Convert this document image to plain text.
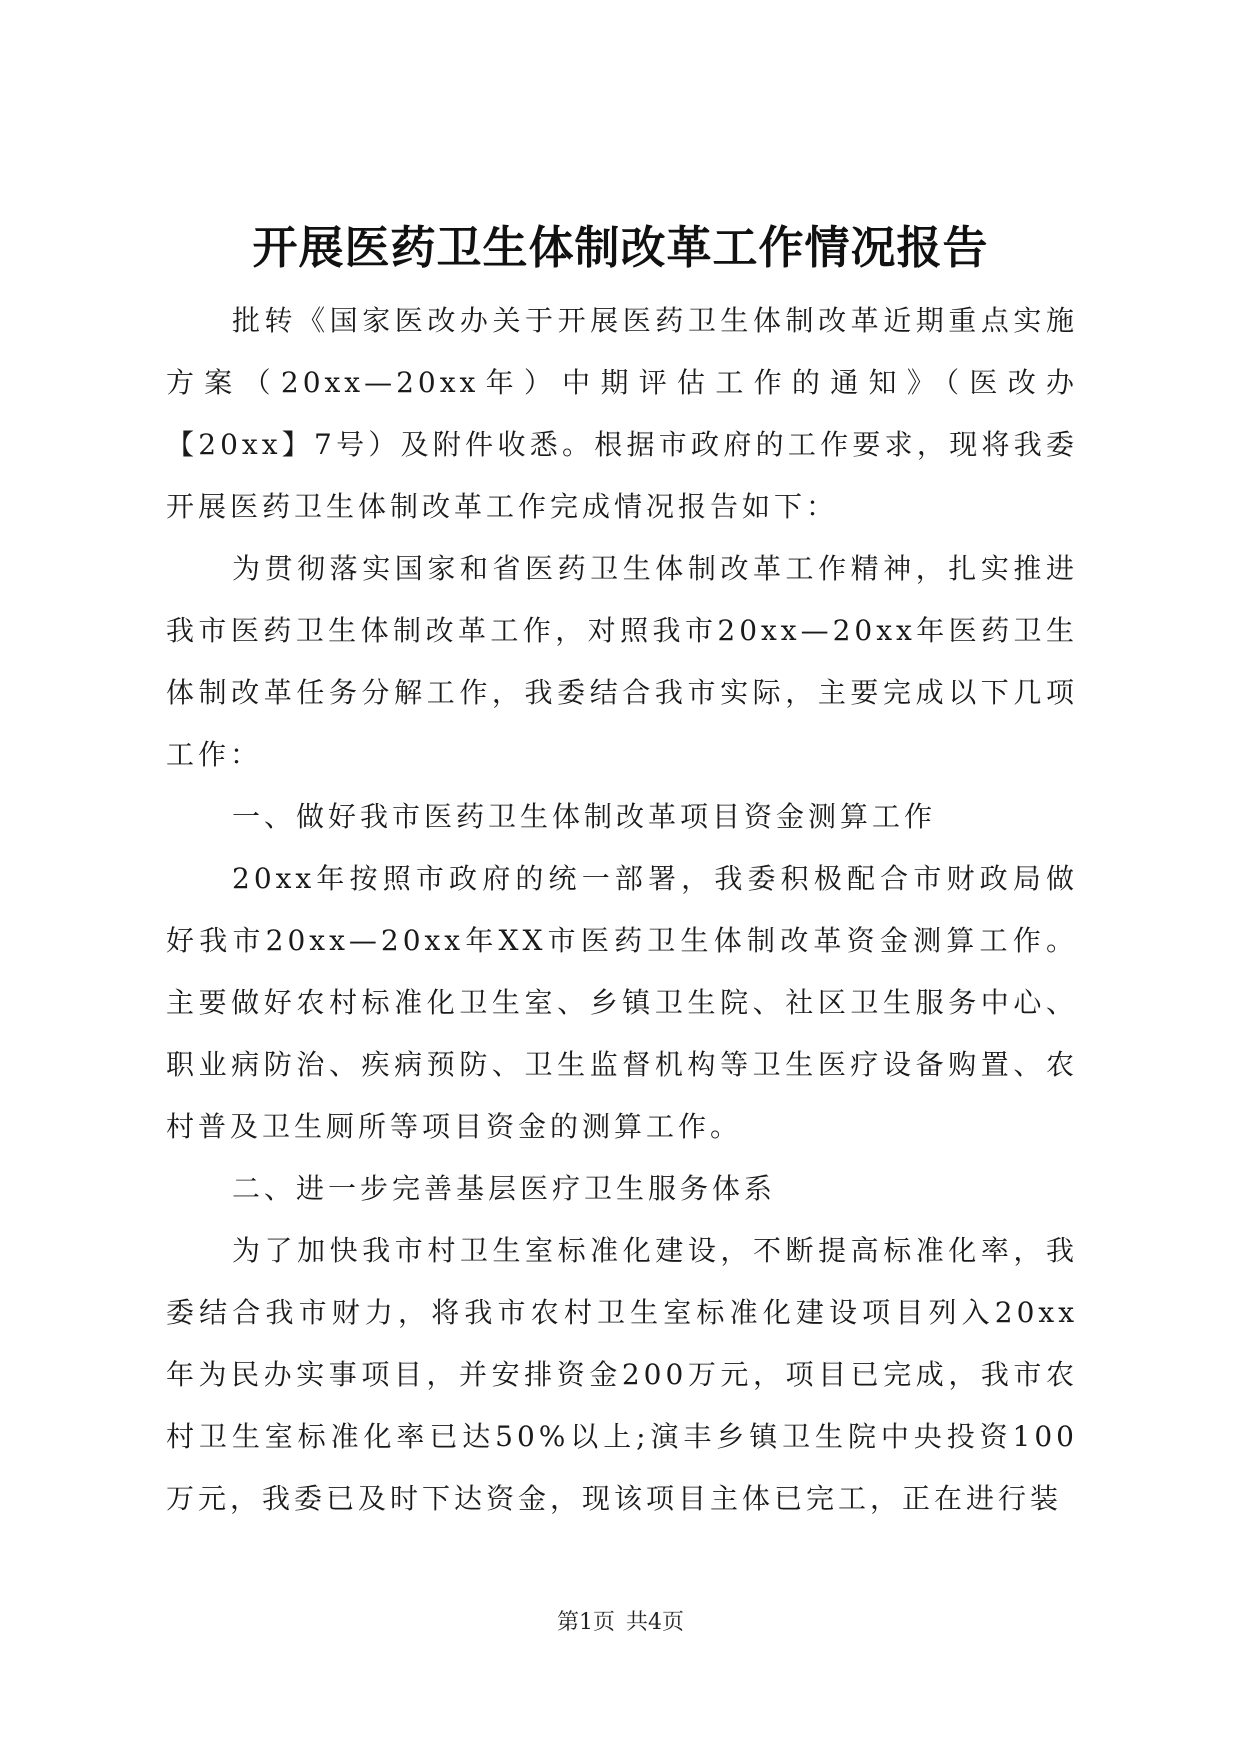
开展医药卫生体制改革工作情况报告

批转《国家医改办关于开展医药卫生体制改革近期重点实施方案（20xx—20xx年）中期评估工作的通知》（医改办【20xx】7号）及附件收悉。根据市政府的工作要求，现将我委开展医药卫生体制改革工作完成情况报告如下：

为贯彻落实国家和省医药卫生体制改革工作精神，扎实推进我市医药卫生体制改革工作，对照我市20xx—20xx年医药卫生体制改革任务分解工作，我委结合我市实际，主要完成以下几项工作：

一、做好我市医药卫生体制改革项目资金测算工作

20xx年按照市政府的统一部署，我委积极配合市财政局做好我市20xx—20xx年XX市医药卫生体制改革资金测算工作。主要做好农村标准化卫生室、乡镇卫生院、社区卫生服务中心、职业病防治、疾病预防、卫生监督机构等卫生医疗设备购置、农村普及卫生厕所等项目资金的测算工作。

二、进一步完善基层医疗卫生服务体系

为了加快我市村卫生室标准化建设，不断提高标准化率，我委结合我市财力，将我市农村卫生室标准化建设项目列入20xx年为民办实事项目，并安排资金200万元，项目已完成，我市农村卫生室标准化率已达50%以上;演丰乡镇卫生院中央投资100万元，我委已及时下达资金，现该项目主体已完工，正在进行装

第1页 共4页
